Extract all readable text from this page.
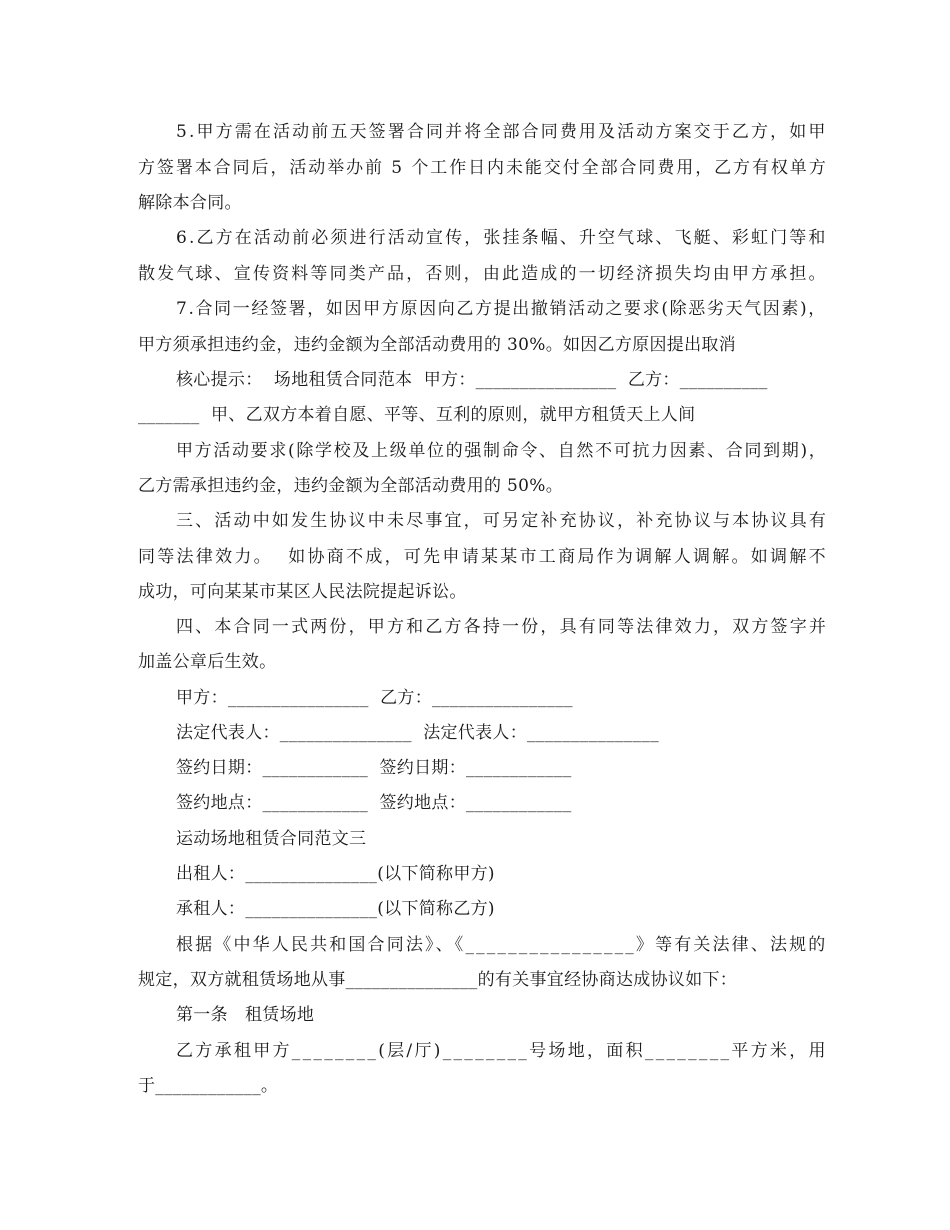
5.甲方需在活动前五天签署合同并将全部合同费用及活动方案交于乙方，如甲
方签署本合同后，活动举办前 5 个工作日内未能交付全部合同费用，乙方有权单方
解除本合同。
6.乙方在活动前必须进行活动宣传，张挂条幅、升空气球、飞艇、彩虹门等和
散发气球、宣传资料等同类产品，否则，由此造成的一切经济损失均由甲方承担。
7.合同一经签署，如因甲方原因向乙方提出撤销活动之要求(除恶劣天气因素)，
甲方须承担违约金，违约金额为全部活动费用的 30%。如因乙方原因提出取消
核心提示：  场地租赁合同范本  甲方：________________  乙方：__________
_______  甲、乙双方本着自愿、平等、互利的原则，就甲方租赁天上人间
甲方活动要求(除学校及上级单位的强制命令、自然不可抗力因素、合同到期)，
乙方需承担违约金，违约金额为全部活动费用的 50%。
三、活动中如发生协议中未尽事宜，可另定补充协议，补充协议与本协议具有
同等法律效力。  如协商不成，可先申请某某市工商局作为调解人调解。如调解不
成功，可向某某市某区人民法院提起诉讼。
四、本合同一式两份，甲方和乙方各持一份，具有同等法律效力，双方签字并
加盖公章后生效。
甲方：________________  乙方：________________
法定代表人：_______________  法定代表人：_______________
签约日期：____________  签约日期：____________
签约地点：____________  签约地点：____________
运动场地租赁合同范文三
出租人：_______________(以下简称甲方)
承租人：_______________(以下简称乙方)
根据《中华人民共和国合同法》、《________________》等有关法律、法规的
规定，双方就租赁场地从事_______________的有关事宜经协商达成协议如下：
第一条   租赁场地
乙方承租甲方________(层/厅)________号场地，面积________平方米，用
于____________。
